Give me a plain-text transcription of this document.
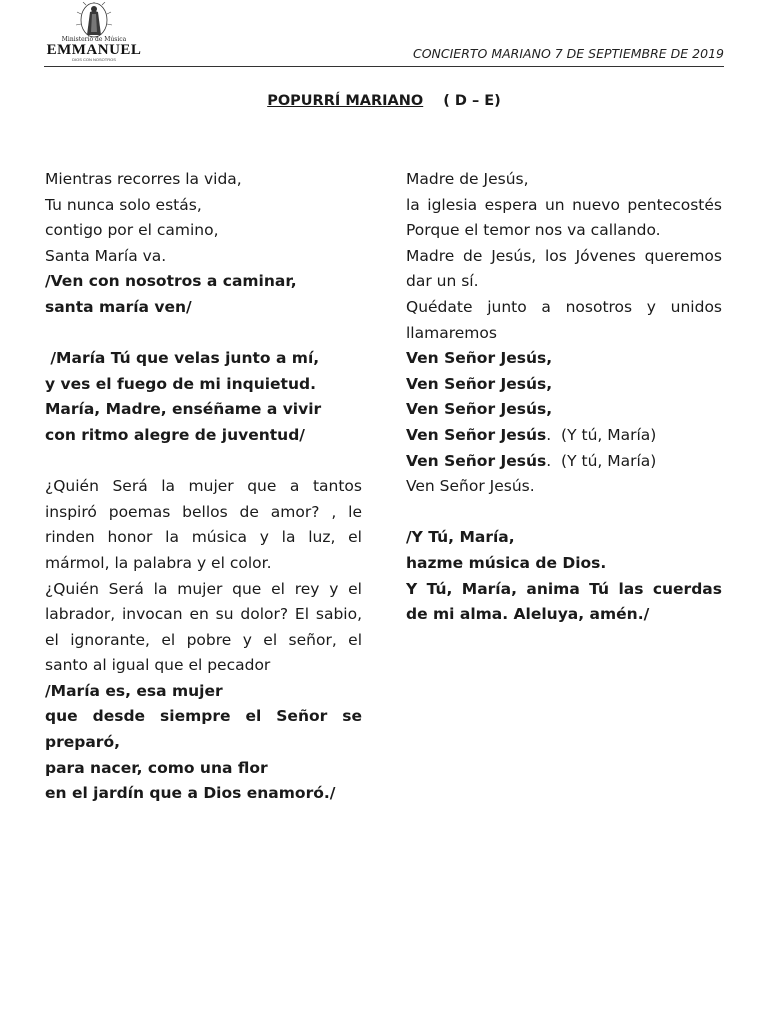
Ministerio de Música
EMMANUEL
DIOS CON NOSOTROS	CONCIERTO MARIANO 7 DE SEPTIEMBRE DE 2019
POPURRÍ MARIANO ( D – E)
Mientras recorres la vida,
Tu nunca solo estás,
contigo por el camino,
Santa María va.
/Ven con nosotros a caminar,
santa maría ven/
/María Tú que velas junto a mí,
y ves el fuego de mi inquietud.
María, Madre, enséñame a vivir
con ritmo alegre de juventud/
¿Quién Será la mujer que a tantos inspiró poemas bellos de amor? , le rinden honor la música y la luz, el mármol, la palabra y el color.
¿Quién Será la mujer que el rey y el labrador, invocan en su dolor? El sabio, el ignorante, el pobre y el señor, el santo al igual que el pecador
/María es, esa mujer
que desde siempre el Señor se preparó,
para nacer, como una flor
en el jardín que a Dios enamoró./
Madre de Jesús,
la iglesia espera un nuevo pentecostés Porque el temor nos va callando.
Madre de Jesús, los Jóvenes queremos dar un sí.
Quédate junto a nosotros y unidos llamaremos
Ven Señor Jesús,
Ven Señor Jesús,
Ven Señor Jesús,
Ven Señor Jesús.  (Y tú, María)
Ven Señor Jesús.  (Y tú, María)
Ven Señor Jesús.
/Y Tú, María,
hazme música de Dios.
Y Tú, María, anima Tú las cuerdas de mi alma. Aleluya, amén./
